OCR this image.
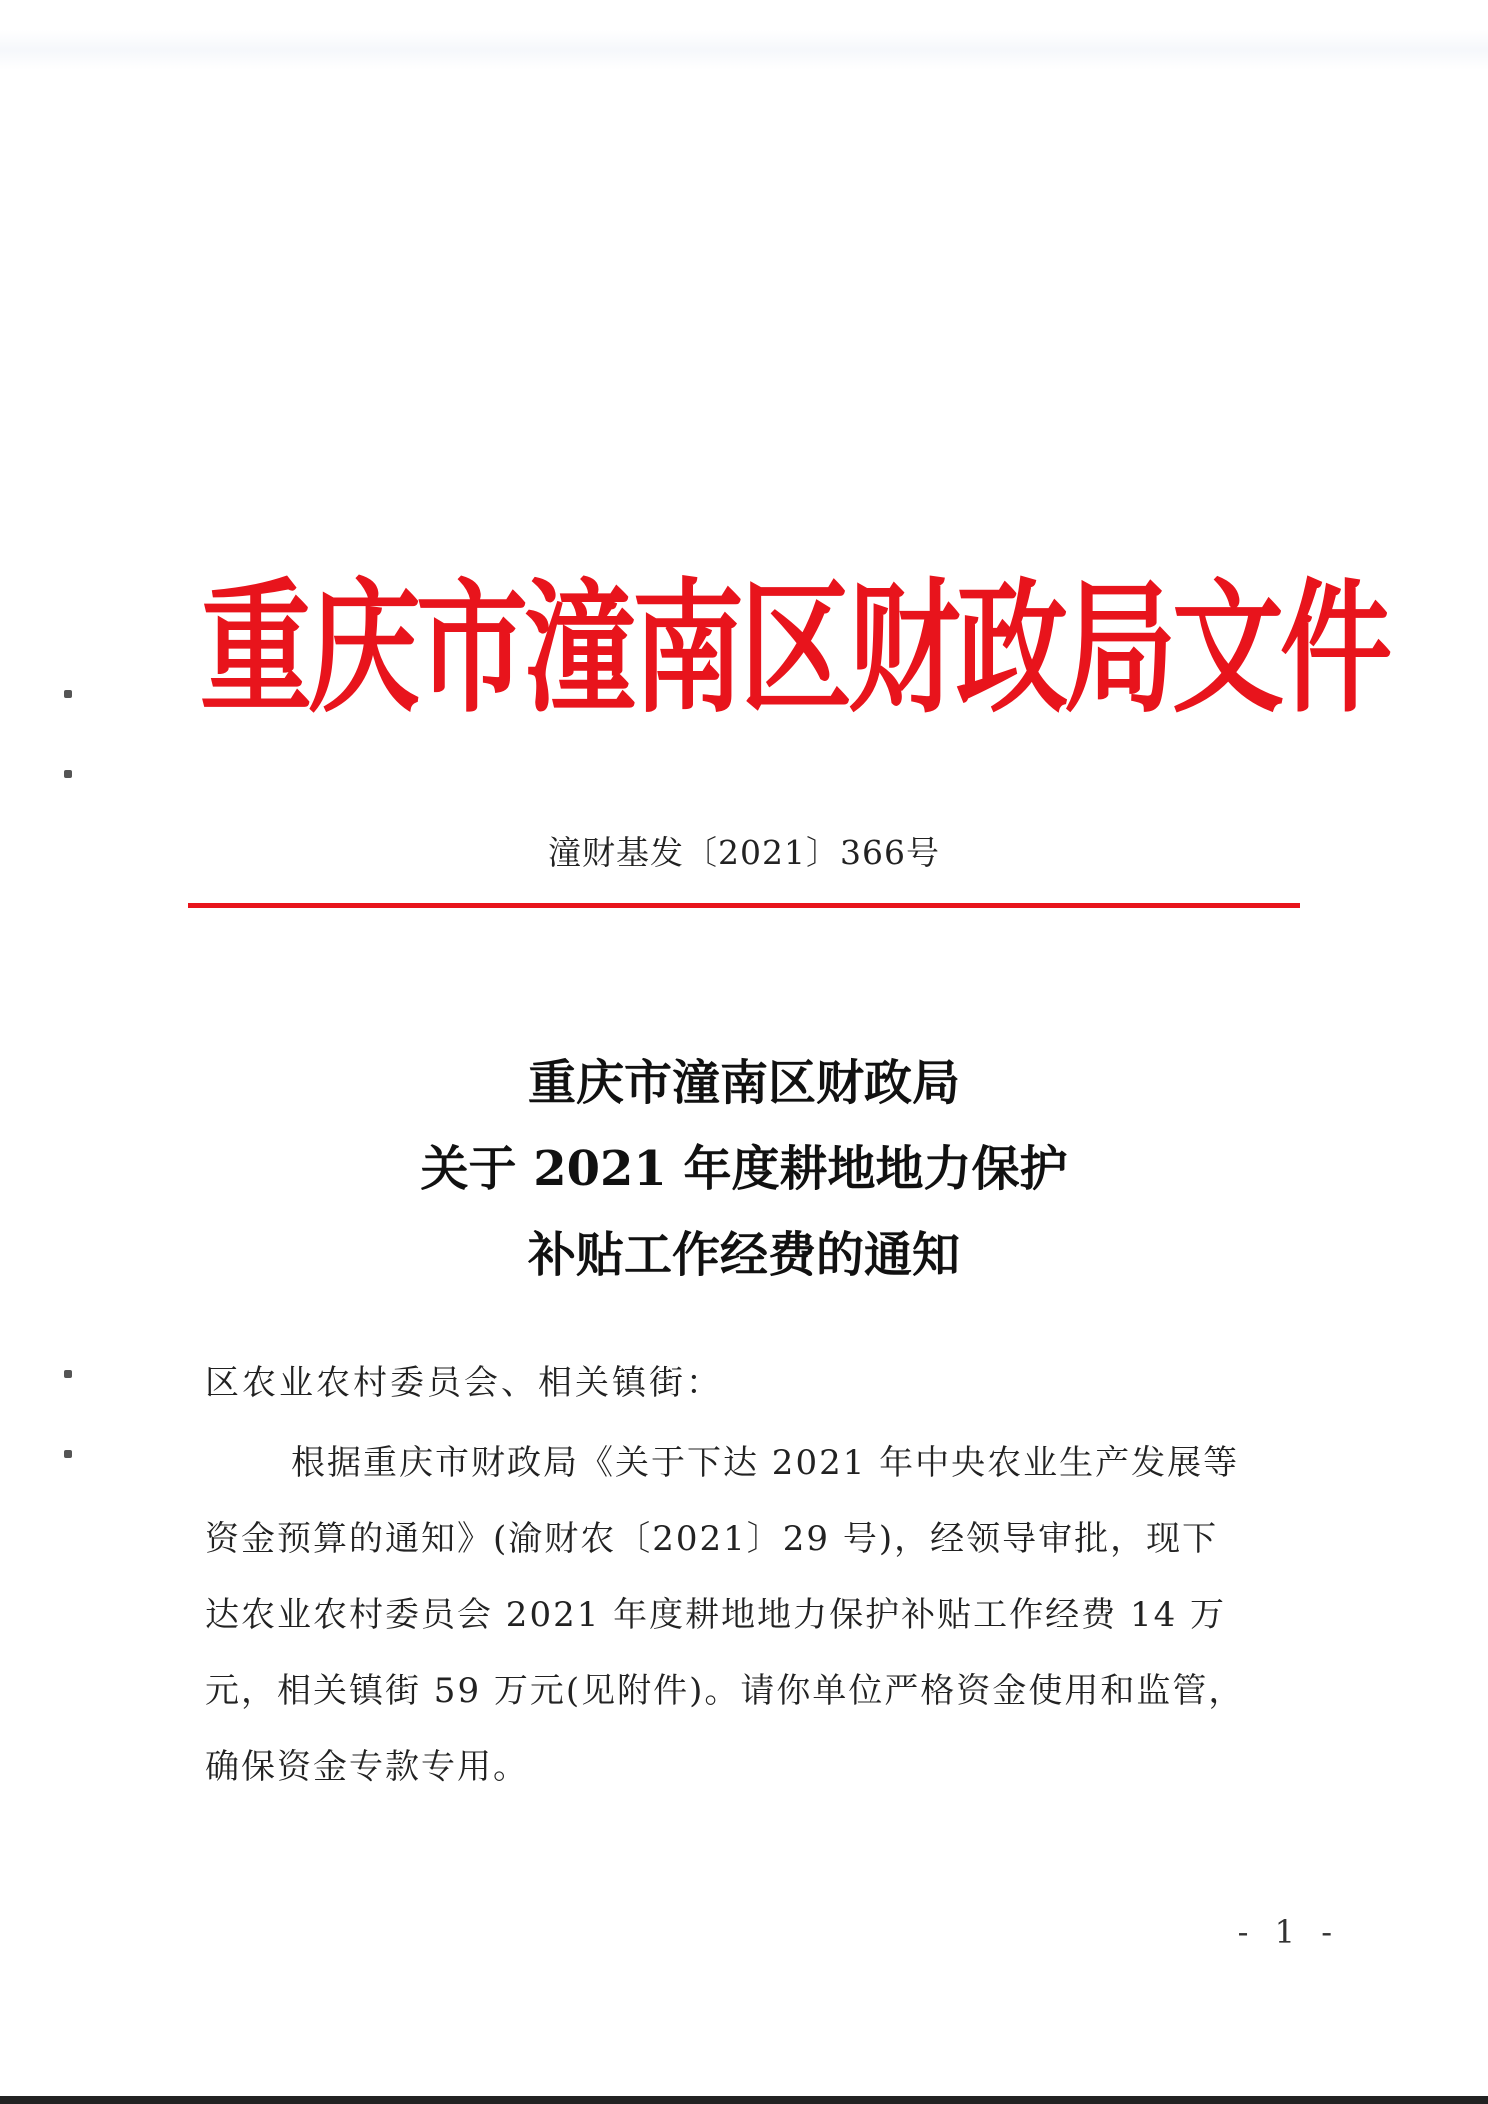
重庆市潼南区财政局文件
潼财基发〔2021〕366号
重庆市潼南区财政局
关于 2021 年度耕地地力保护
补贴工作经费的通知
区农业农村委员会、相关镇街：
根据重庆市财政局《关于下达 2021 年中央农业生产发展等
资金预算的通知》(渝财农〔2021〕29 号)，经领导审批，现下
达农业农村委员会 2021 年度耕地地力保护补贴工作经费 14 万
元，相关镇街 59 万元(见附件)。请你单位严格资金使用和监管，
确保资金专款专用。
- 1 -
